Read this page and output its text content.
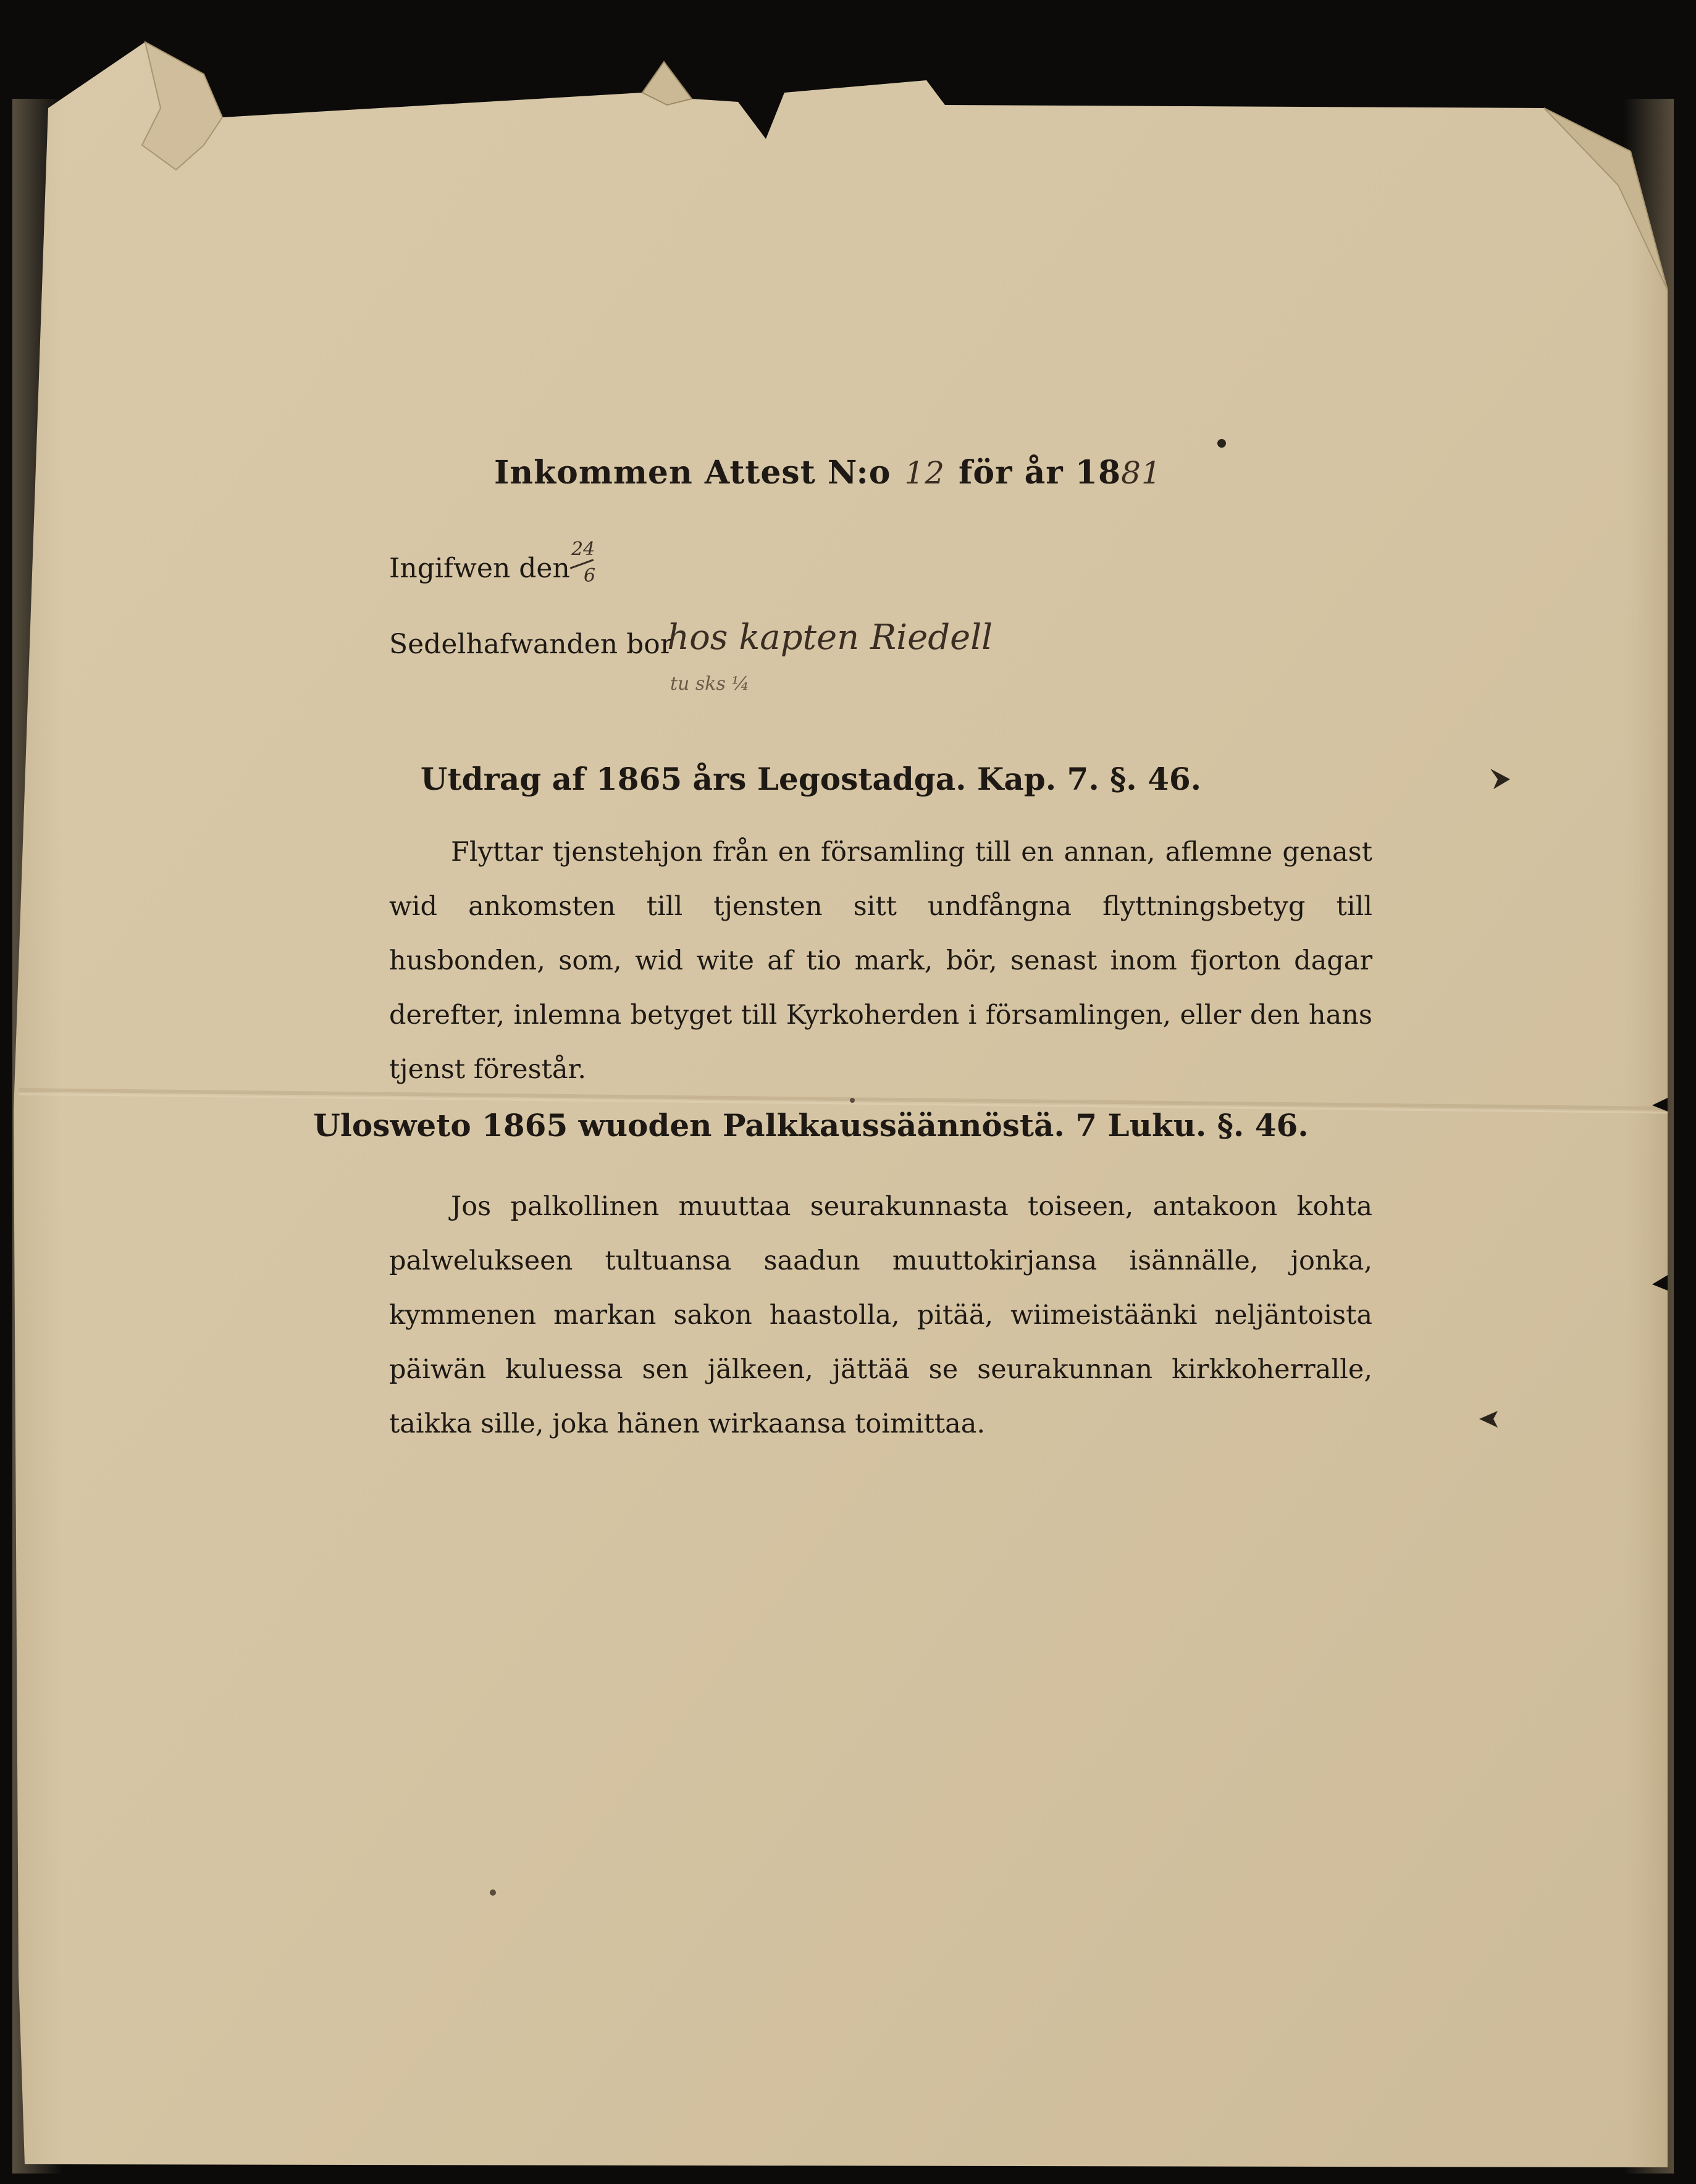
Inkommen Attest N:o 12 för år 1881
Ingifwen den
24
6
Sedelhafwanden bor
hos kapten Riedell
tu sks ¼
Utdrag af 1865 års Legostadga. Kap. 7. §. 46.
Flyttar tjenstehjon från en församling till en annan, aflemne genast wid ankomsten till tjensten sitt undfångna flyttningsbetyg till husbonden, som, wid wite af tio mark, bör, senast inom fjorton dagar derefter, inlemna betyget till Kyrkoherden i församlingen, eller den hans tjenst förestår.
Ulosweto 1865 wuoden Palkkaussäännöstä. 7 Luku. §. 46.
Jos palkollinen muuttaa seurakunnasta toiseen, antakoon kohta palwelukseen tultuansa saadun muuttokirjansa isännälle, jonka, kymmenen markan sakon haastolla, pitää, wiimeistäänki neljäntoista päiwän kuluessa sen jälkeen, jättää se seurakunnan kirkkoherralle, taikka sille, joka hänen wirkaansa toimittaa.
